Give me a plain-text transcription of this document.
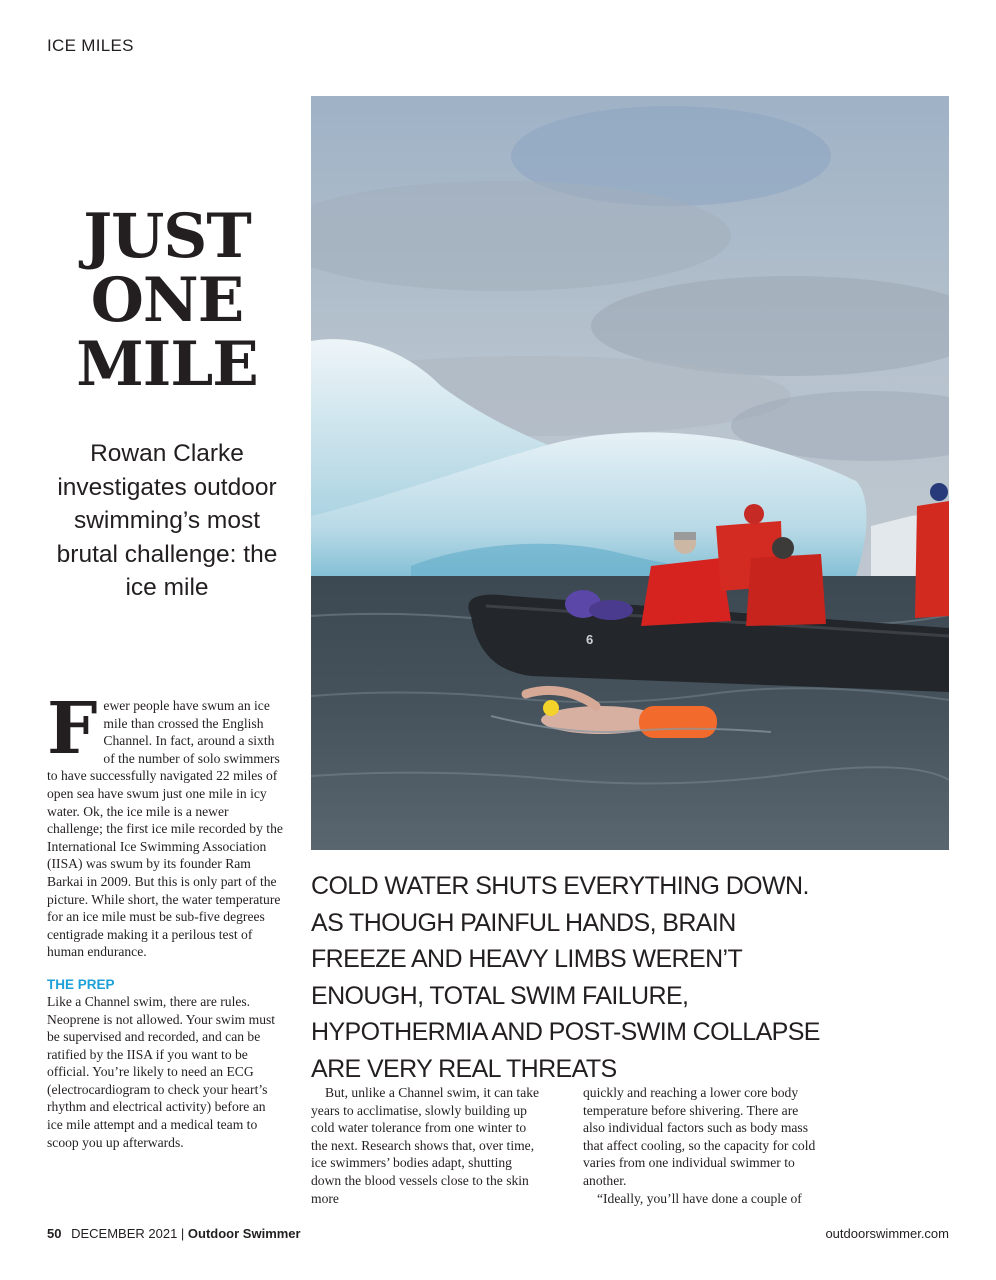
ICE MILES
JUST
ONE
MILE
Rowan Clarke investigates outdoor swimming’s most brutal challenge: the ice mile
6

Fewer people have swum an ice mile than crossed the English Channel. In fact, around a sixth of the number of solo swimmers to have successfully navigated 22 miles of open sea have swum just one mile in icy water. Ok, the ice mile is a newer challenge; the first ice mile recorded by the International Ice Swimming Association (IISA) was swum by its founder Ram Barkai in 2009. But this is only part of the picture. While short, the water temperature for an ice mile must be sub-five degrees centigrade making it a perilous test of human endurance.

THE PREP

Like a Channel swim, there are rules. Neoprene is not allowed. Your swim must be supervised and recorded, and can be ratified by the IISA if you want to be official. You’re likely to need an ECG (electrocardiogram to check your heart’s rhythm and electrical activity) before an ice mile attempt and a medical team to scoop you up afterwards.

COLD WATER SHUTS EVERYTHING DOWN. AS THOUGH PAINFUL HANDS, BRAIN FREEZE AND HEAVY LIMBS WEREN’T ENOUGH, TOTAL SWIM FAILURE, HYPOTHERMIA AND POST-SWIM COLLAPSE ARE VERY REAL THREATS

But, unlike a Channel swim, it can take years to acclimatise, slowly building up cold water tolerance from one winter to the next. Research shows that, over time, ice swimmers’ bodies adapt, shutting down the blood vessels close to the skin more

quickly and reaching a lower core body temperature before shivering. There are also individual factors such as body mass that affect cooling, so the capacity for cold varies from one individual swimmer to another.

“Ideally, you’ll have done a couple of

50 DECEMBER 2021 | Outdoor Swimmer	outdoorswimmer.com
